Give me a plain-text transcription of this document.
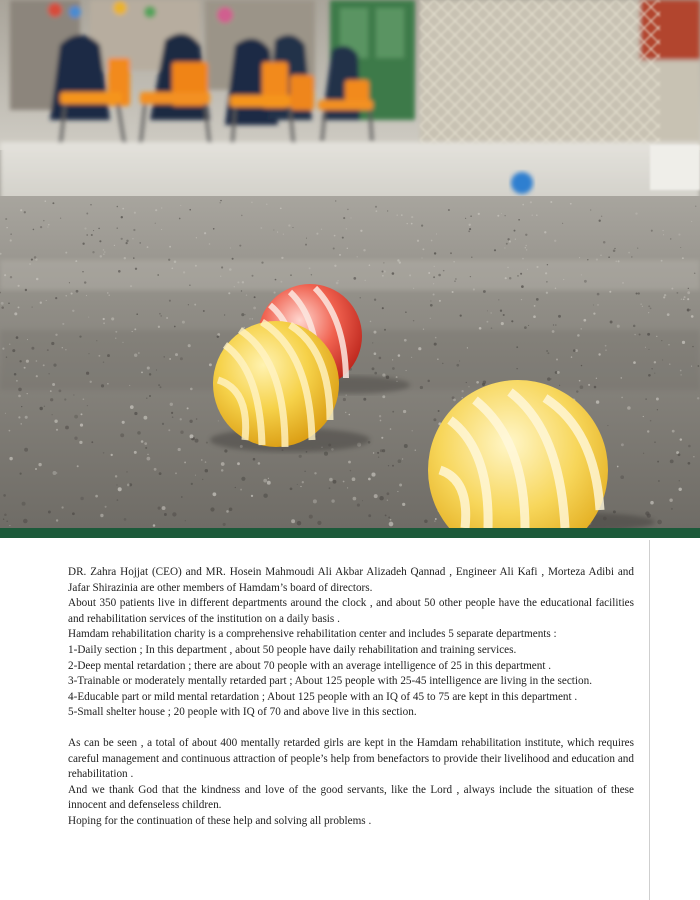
DR. Zahra Hojjat (CEO) and MR. Hosein Mahmoudi Ali Akbar Alizadeh Qannad , Engineer Ali Kafi , Morteza Adibi and Jafar Shirazinia are other members of Hamdam’s board of directors.

About 350 patients live in different departments around the clock , and about 50 other people have the educational facilities and rehabilitation services of the institution on a daily basis .

Hamdam rehabilitation charity is a comprehensive rehabilitation center and includes 5 separate departments :

1-Daily section ; In this department , about 50 people have daily rehabilitation and training services.

2-Deep mental retardation ; there are about 70 people with an average intelligence of 25 in this department .

3-Trainable or moderately mentally retarded part ; About 125 people with 25-45 intelligence are living in the section.

4-Educable part or mild mental retardation ; About 125 people with an IQ of 45 to 75 are kept in this department .

5-Small shelter house ; 20 people with IQ of 70 and above live in this section.

As can be seen , a total of about 400 mentally retarded girls are kept in the Hamdam rehabilitation institute, which requires careful management and continuous attraction of people’s help from benefactors to provide their livelihood and education and rehabilitation .

And we thank God that the kindness and love of the good servants, like the Lord , always include the situation of these innocent and defenseless children.

Hoping for the continuation of these help and solving all problems .
